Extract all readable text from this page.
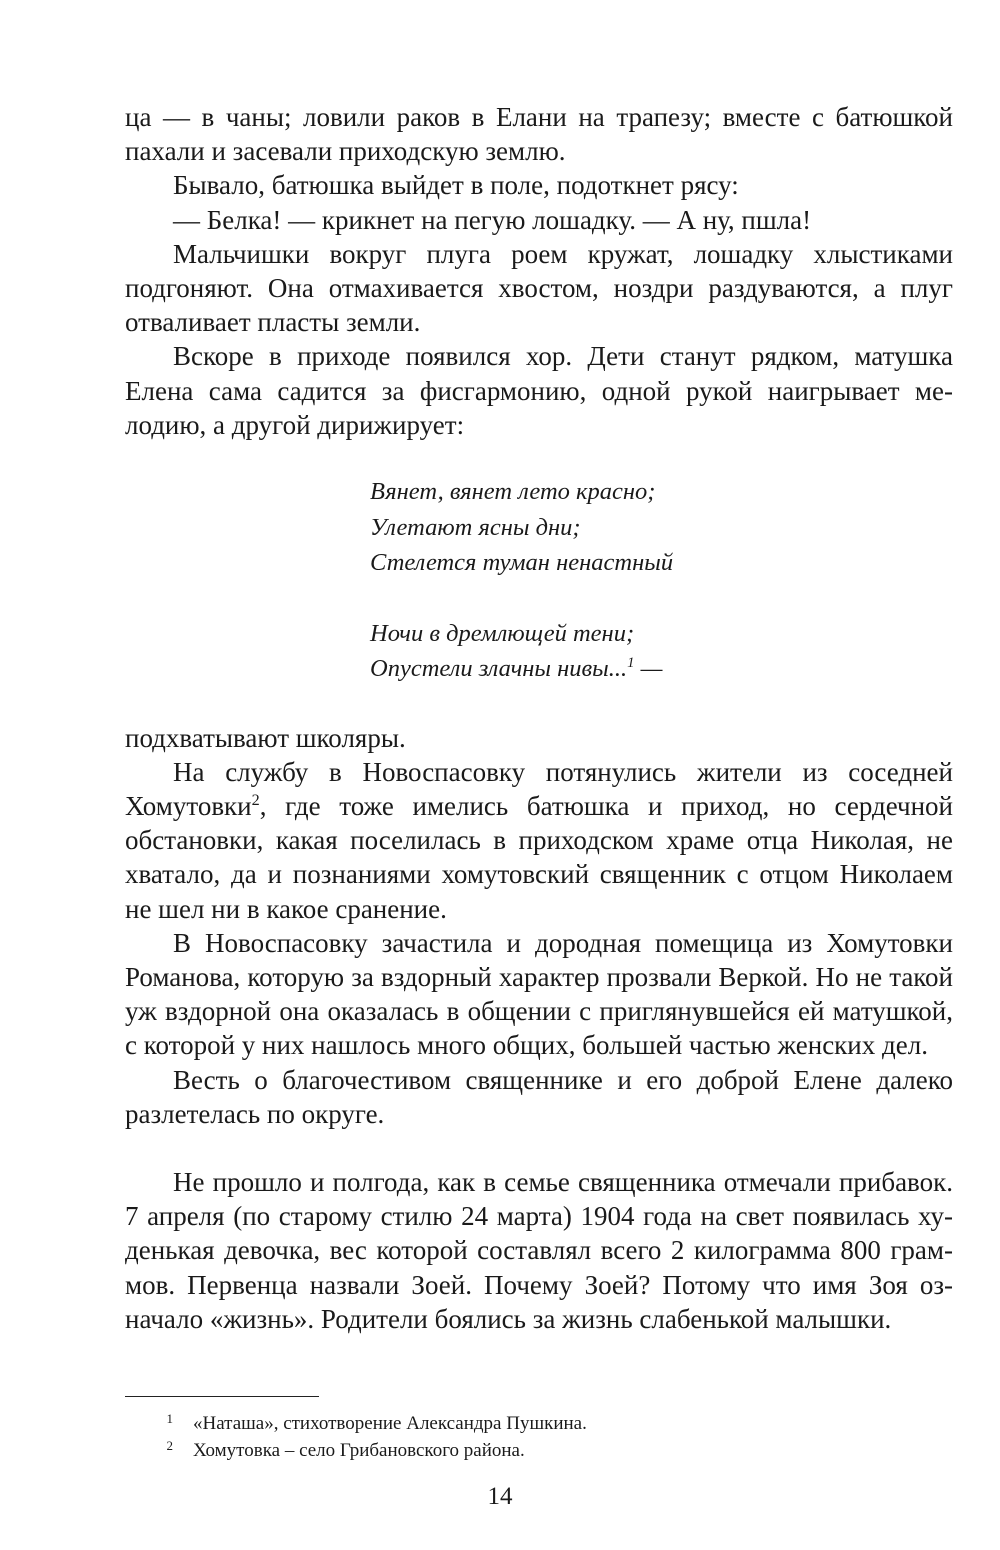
ца — в чаны; ловили раков в Елани на трапезу; вместе с батюшкой пахали и засевали приходскую землю.

Бывало, батюшка выйдет в поле, подоткнет рясу:

— Белка! — крикнет на пегую лошадку. — А ну, пшла!

Мальчишки вокруг плуга роем кружат, лошадку хлыстиками подгоняют. Она отмахивается хвостом, ноздри раздуваются, а плуг отваливает пласты земли.

Вскоре в приходе появился хор. Дети станут рядком, матушка Елена сама садится за фисгармонию, одной рукой наигрывает мелодию, а другой дирижирует:

Вянет, вянет лето красно;
Улетают ясны дни;
Стелется туман ненастный
Ночи в дремлющей тени;
Опустели злачны нивы...$^1$ —

подхватывают школяры.

На службу в Новоспасовку потянулись жители из соседней Хомутовки$^2$, где тоже имелись батюшка и приход, но сердечной обстановки, какая поселилась в приходском храме отца Николая, не хватало, да и познаниями хомутовский священник с отцом Николаем не шел ни в какое сранение.

В Новоспасовку зачастила и дородная помещица из Хомутовки Романова, которую за вздорный характер прозвали Веркой. Но не такой уж вздорной она оказалась в общении с приглянувшейся ей матушкой, с которой у них нашлось много общих, большей частью женских дел.

Весть о благочестивом священнике и его доброй Елене далеко разлетелась по округе.

Не прошло и полгода, как в семье священника отмечали прибавок. 7 апреля (по старому стилю 24 марта) 1904 года на свет появилась худенькая девочка, вес которой составлял всего 2 килограмма 800 граммов. Первенца назвали Зоей. Почему Зоей? Потому что имя Зоя означало «жизнь». Родители боялись за жизнь слабенькой малышки.

1 «Наташа», стихотворение Александра Пушкина.
2 Хомутовка – село Грибановского района.
14
